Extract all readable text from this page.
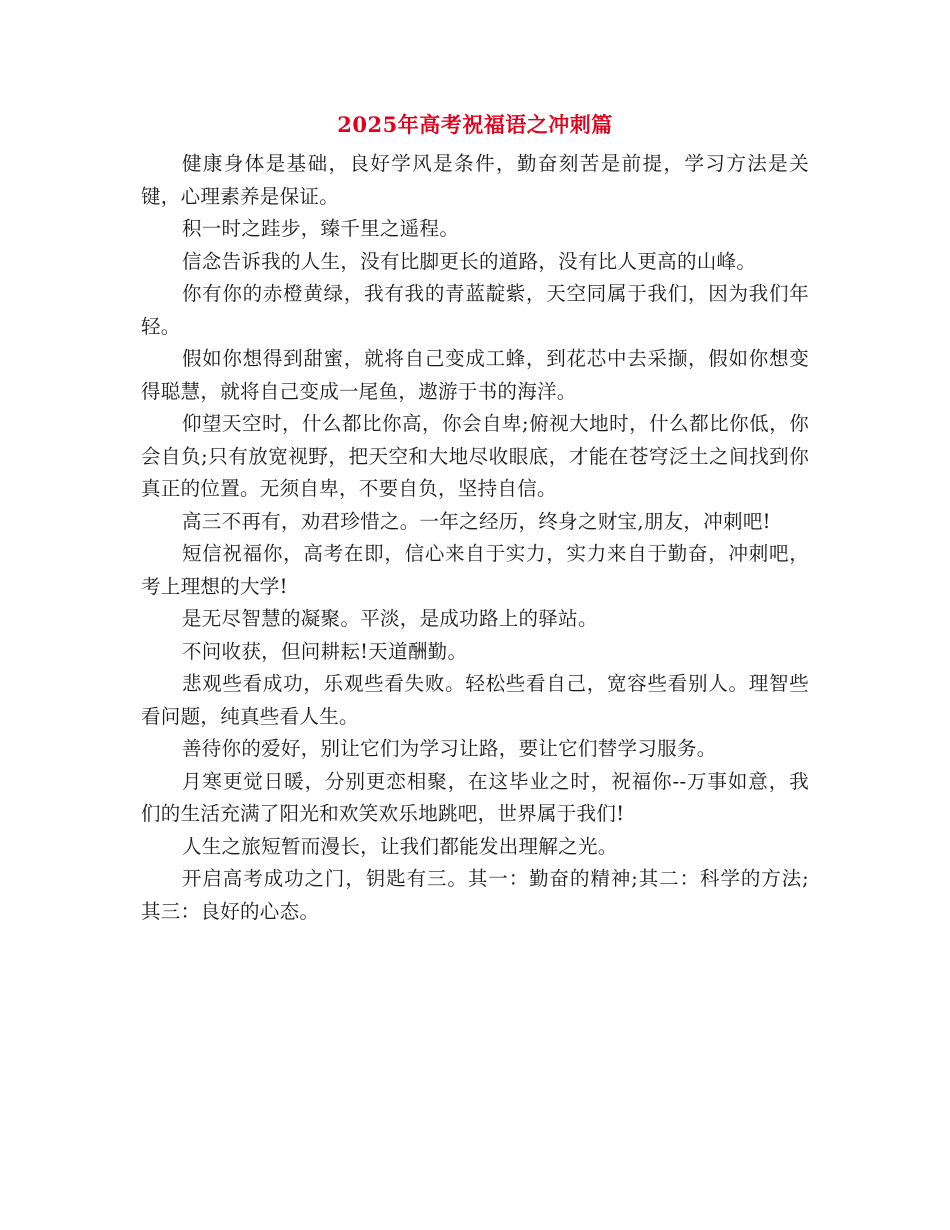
2025年高考祝福语之冲刺篇

健康身体是基础，良好学风是条件，勤奋刻苦是前提，学习方法是关键，心理素养是保证。

积一时之跬步，臻千里之遥程。

信念告诉我的人生，没有比脚更长的道路，没有比人更高的山峰。

你有你的赤橙黄绿，我有我的青蓝靛紫，天空同属于我们，因为我们年轻。

假如你想得到甜蜜，就将自己变成工蜂，到花芯中去采撷，假如你想变得聪慧，就将自己变成一尾鱼，遨游于书的海洋。

仰望天空时，什么都比你高，你会自卑;俯视大地时，什么都比你低，你会自负;只有放宽视野，把天空和大地尽收眼底，才能在苍穹泛土之间找到你真正的位置。无须自卑，不要自负，坚持自信。

高三不再有，劝君珍惜之。一年之经历，终身之财宝,朋友，冲刺吧!

短信祝福你，高考在即，信心来自于实力，实力来自于勤奋，冲刺吧，考上理想的大学!

是无尽智慧的凝聚。平淡，是成功路上的驿站。

不问收获，但问耕耘!天道酬勤。

悲观些看成功，乐观些看失败。轻松些看自己，宽容些看别人。理智些看问题，纯真些看人生。

善待你的爱好，别让它们为学习让路，要让它们替学习服务。

月寒更觉日暖，分别更恋相聚，在这毕业之时，祝福你--万事如意，我们的生活充满了阳光和欢笑欢乐地跳吧，世界属于我们!

人生之旅短暂而漫长，让我们都能发出理解之光。

开启高考成功之门，钥匙有三。其一：勤奋的精神;其二：科学的方法;其三：良好的心态。
